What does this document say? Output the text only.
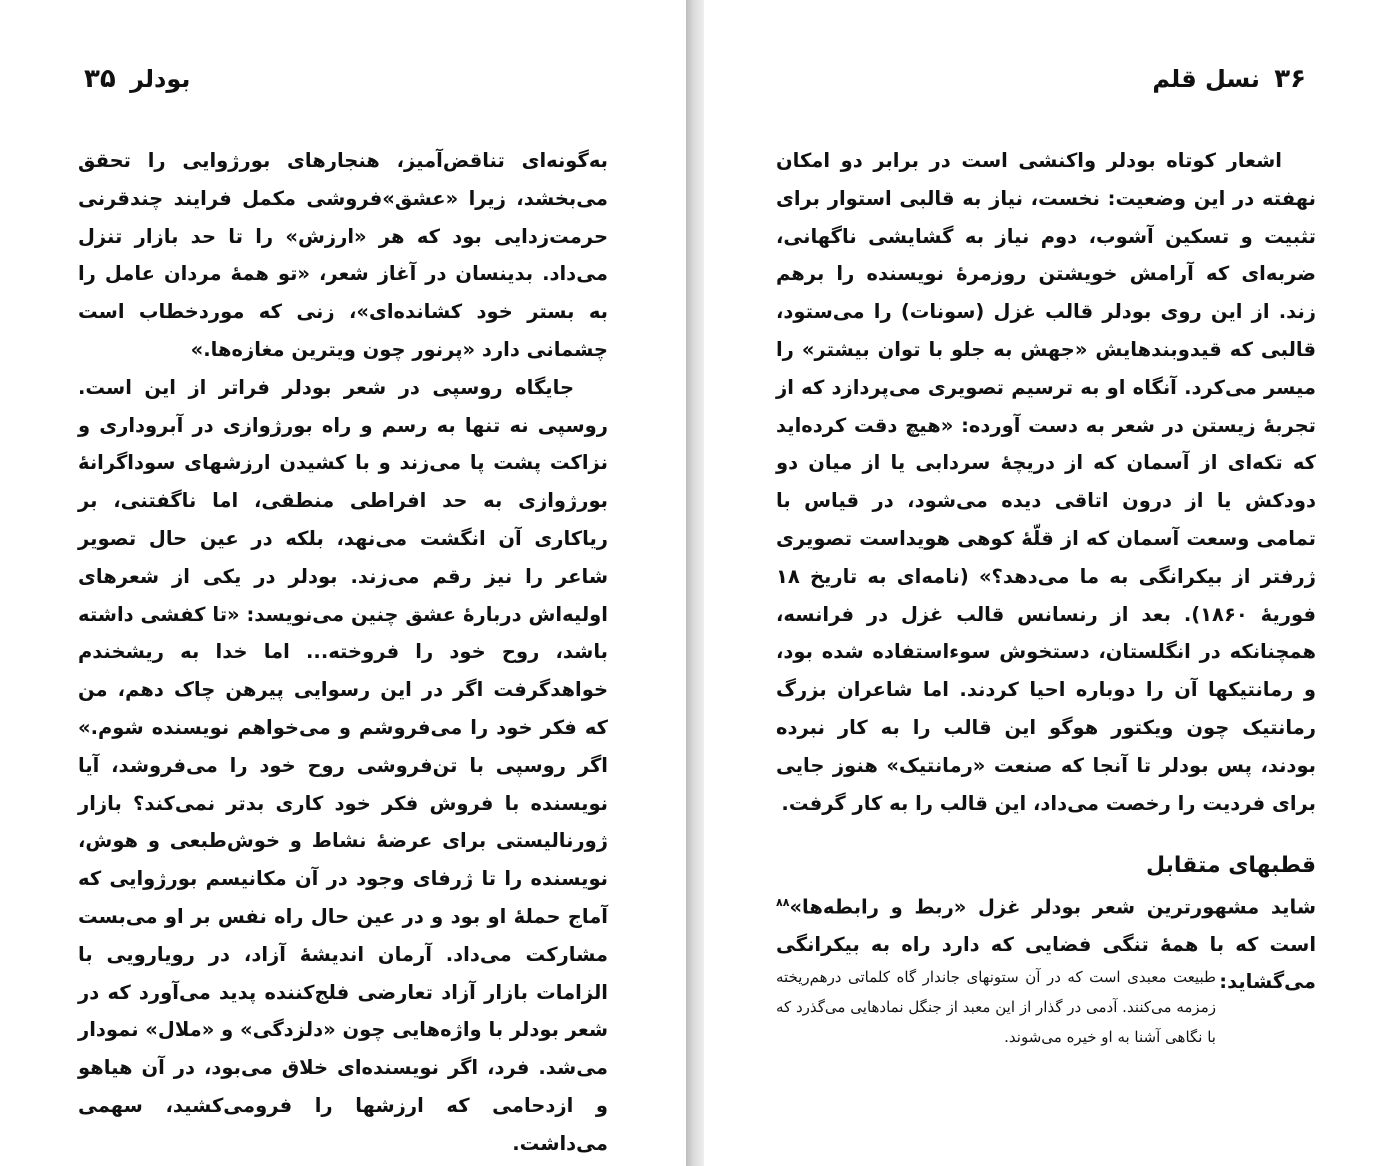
بودلر ۳۵

به‌گونه‌ای تناقض‌آمیز، هنجارهای بورژوایی را تحقق می‌بخشد، زیرا «عشق»فروشی مکمل فرایند چندقرنی حرمت‌زدایی بود که هر «ارزش» را تا حد بازار تنزل می‌داد. بدینسان در آغاز شعر، «تو همهٔ مردان عامل را به بستر خود کشانده‌ای»، زنی که موردخطاب است چشمانی دارد «پرنور چون ویترین مغازه‌ها.»

جایگاه روسپی در شعر بودلر فراتر از این است. روسپی نه تنها به رسم و راه بورژوازی در آبروداری و نزاکت پشت پا می‌زند و با کشیدن ارزشهای سوداگرانهٔ بورژوازی به حد افراطی منطقی، اما ناگفتنی، بر ریاکاری آن انگشت می‌نهد، بلکه در عین حال تصویر شاعر را نیز رقم می‌زند. بودلر در یکی از شعرهای اولیه‌اش دربارهٔ عشق چنین می‌نویسد: «تا کفشی داشته باشد، روح خود را فروخته... اما خدا به ریشخندم خواهدگرفت اگر در این رسوایی پیرهن چاک دهم، من که فکر خود را می‌فروشم و می‌خواهم نویسنده شوم.» اگر روسپی با تن‌فروشی روح خود را می‌فروشد، آیا نویسنده با فروش فکر خود کاری بدتر نمی‌کند؟ بازار ژورنالیستی برای عرضهٔ نشاط و خوش‌طبعی و هوش، نویسنده را تا ژرفای وجود در آن مکانیسم بورژوایی که آماج حملهٔ او بود و در عین حال راه نفس بر او می‌بست مشارکت می‌داد. آرمان اندیشهٔ آزاد، در رویارویی با الزامات بازار آزاد تعارضی فلج‌کننده پدید می‌آورد که در شعر بودلر با واژه‌هایی چون «دلزدگی» و «ملال» نمودار می‌شد. فرد، اگر نویسنده‌ای خلاق می‌بود، در آن هیاهو و ازدحامی که ارزشها را فرومی‌کشید، سهمی می‌داشت.

۳۶ نسل قلم

اشعار کوتاه بودلر واکنشی است در برابر دو امکان نهفته در این وضعیت: نخست، نیاز به قالبی استوار برای تثبیت و تسکین آشوب، دوم نیاز به گشایشی ناگهانی، ضربه‌ای که آرامش خویشتن روزمرهٔ نویسنده را برهم زند. از این روی بودلر قالب غزل (سونات) را می‌ستود، قالبی که قیدوبندهایش «جهش به جلو با توان بیشتر» را میسر می‌کرد. آنگاه او به ترسیم تصویری می‌پردازد که از تجربهٔ زیستن در شعر به دست آورده: «هیچ دقت کرده‌اید که تکه‌ای از آسمان که از دریچهٔ سردابی یا از میان دو دودکش یا از درون اتاقی دیده می‌شود، در قیاس با تمامی وسعت آسمان که از قلّهٔ کوهی هویداست تصویری ژرفتر از بیکرانگی به ما می‌دهد؟» (نامه‌ای به تاریخ ۱۸ فوریهٔ ۱۸۶۰). بعد از رنسانس قالب غزل در فرانسه، همچنانکه در انگلستان، دستخوش سوءاستفاده شده بود، و رمانتیکها آن را دوباره احیا کردند. اما شاعران بزرگ رمانتیک چون ویکتور هوگو این قالب را به کار نبرده بودند، پس بودلر تا آنجا که صنعت «رمانتیک» هنوز جایی برای فردیت را رخصت می‌داد، این قالب را به کار گرفت.

قطبهای متقابل

شاید مشهورترین شعر بودلر غزل «ربط و رابطه‌ها»$^{۸۸}$ است که با همهٔ تنگی فضایی که دارد راه به بیکرانگی می‌گشاید:

طبیعت معبدی است که در آن ستونهای جاندار گاه کلماتی درهم‌ریخته زمزمه می‌کنند. آدمی در گذار از این معبد از جنگل نمادهایی می‌گذرد که با نگاهی آشنا به او خیره می‌شوند.
